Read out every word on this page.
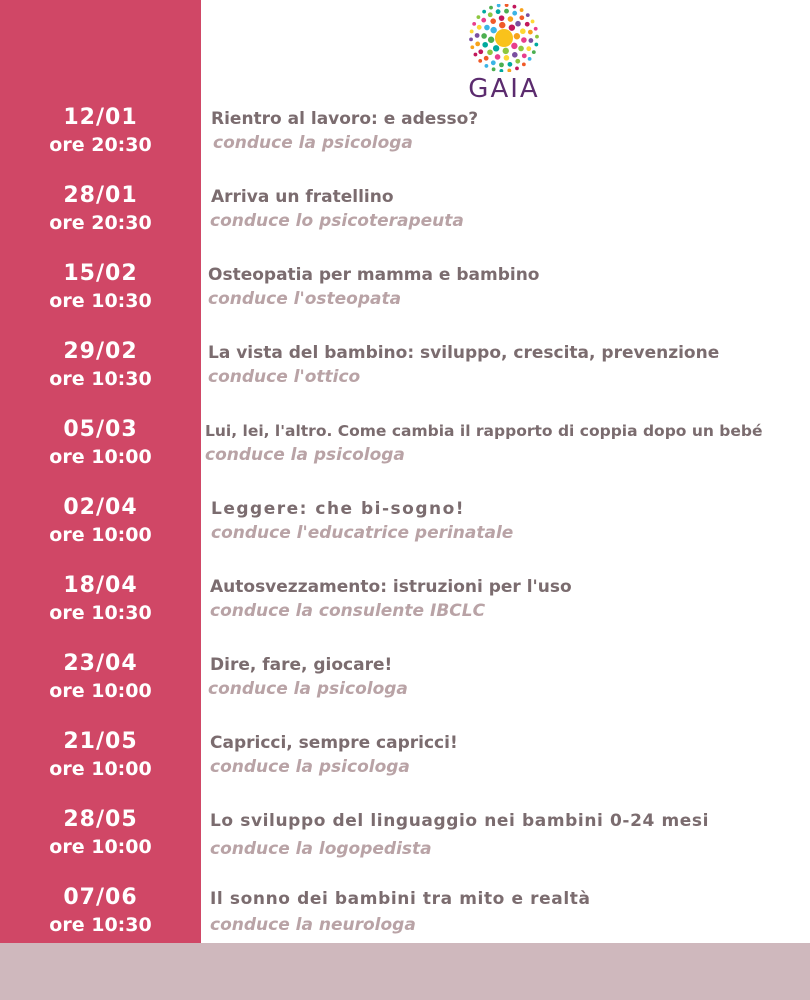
GAIA
12/01
ore 20:30
Rientro al lavoro: e adesso?
conduce la psicologa
28/01
ore 20:30
Arriva un fratellino
conduce lo psicoterapeuta
15/02
ore 10:30
Osteopatia per mamma e bambino
conduce l'osteopata
29/02
ore 10:30
La vista del bambino: sviluppo, crescita, prevenzione
conduce l'ottico
05/03
ore 10:00
Lui, lei, l'altro. Come cambia il rapporto di coppia dopo un bebé
conduce la psicologa
02/04
ore 10:00
Leggere: che bi-sogno!
conduce l'educatrice perinatale
18/04
ore 10:30
Autosvezzamento: istruzioni per l'uso
conduce la consulente IBCLC
23/04
ore 10:00
Dire, fare, giocare!
conduce la psicologa
21/05
ore 10:00
Capricci, sempre capricci!
conduce la psicologa
28/05
ore 10:00
Lo sviluppo del linguaggio nei bambini 0-24 mesi
conduce la logopedista
07/06
ore 10:30
Il sonno dei bambini tra mito e realtà
conduce la neurologa
